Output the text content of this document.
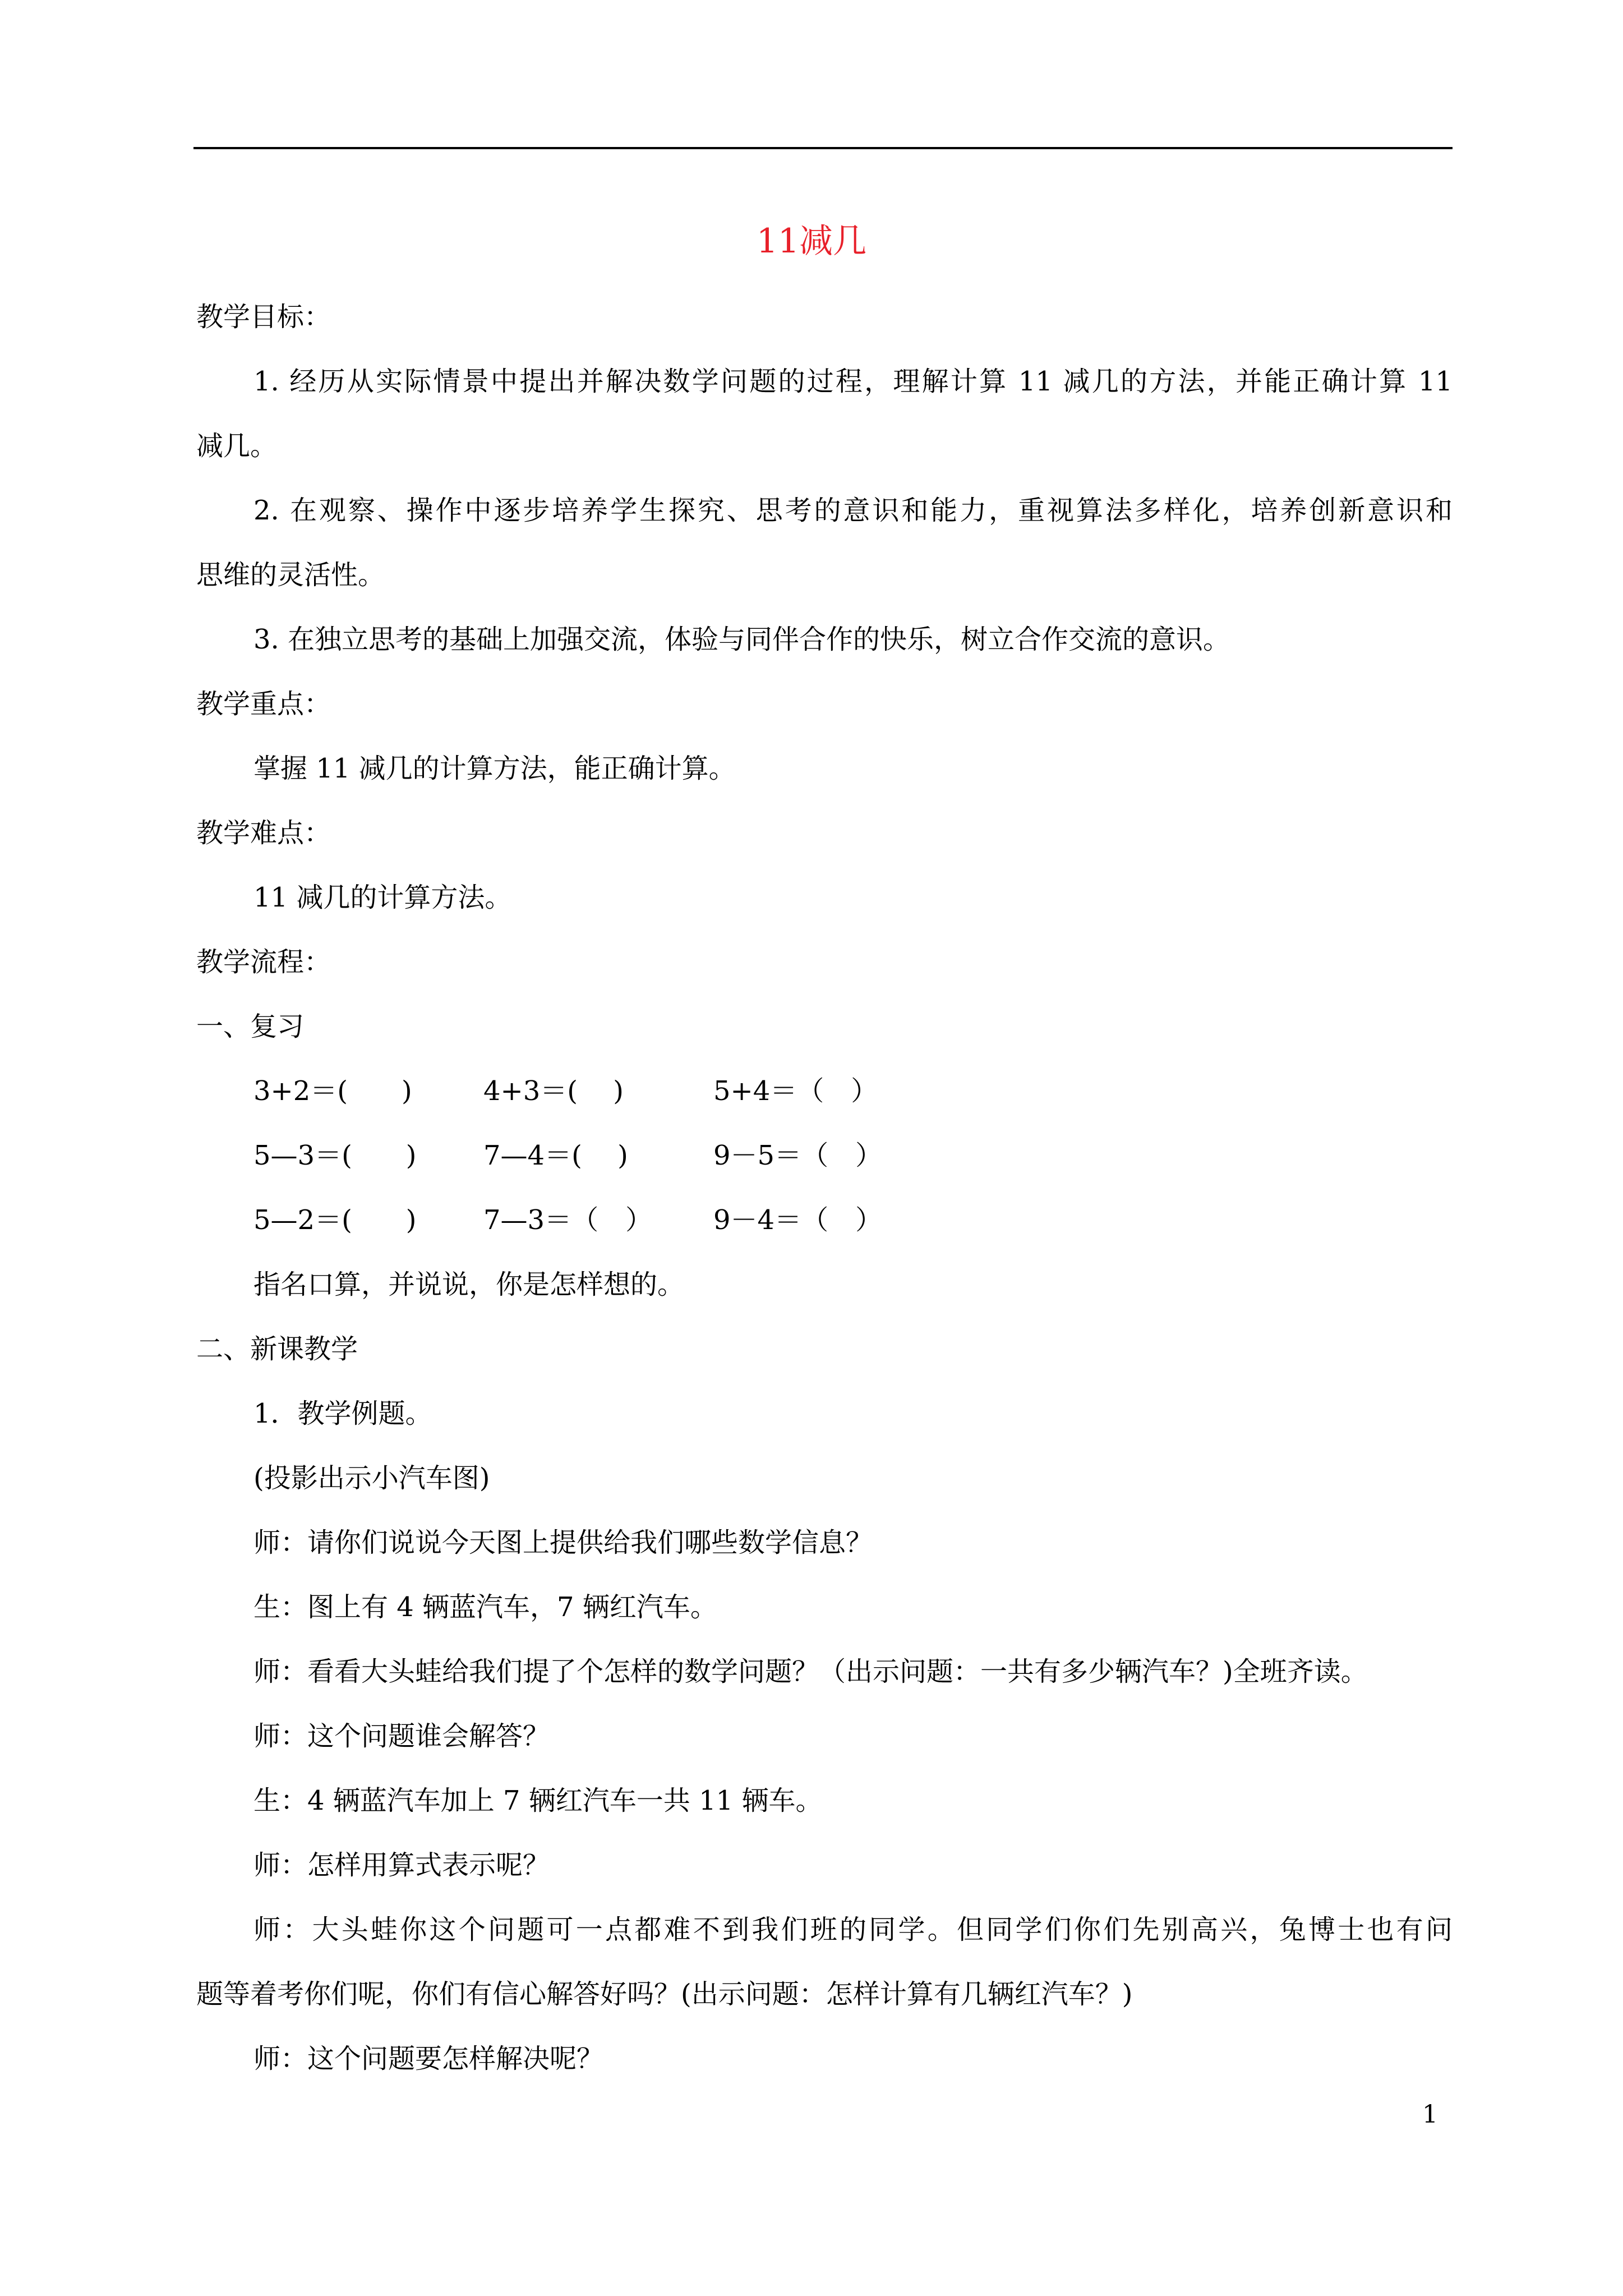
11减几
教学目标：
1. 经历从实际情景中提出并解决数学问题的过程，理解计算 11 减几的方法，并能正确计算 11
减几。
2. 在观察、操作中逐步培养学生探究、思考的意识和能力，重视算法多样化，培养创新意识和
思维的灵活性。
3. 在独立思考的基础上加强交流，体验与同伴合作的快乐，树立合作交流的意识。
教学重点：
掌握 11 减几的计算方法，能正确计算。
教学难点：
11 减几的计算方法。
教学流程：
一、复习
3+2＝(　　)	4+3＝(　 )	5+4＝（　）
5—3＝(　　) 7—4＝(　 )	9－5＝（　）
5—2＝(　　) 7—3＝（　） 9－4＝（　）
指名口算，并说说，你是怎样想的。
二、新课教学
1．教学例题。
(投影出示小汽车图)
师：请你们说说今天图上提供给我们哪些数学信息？
生：图上有 4 辆蓝汽车，7 辆红汽车。
师：看看大头蛙给我们提了个怎样的数学问题？（出示问题：一共有多少辆汽车？)全班齐读。
师：这个问题谁会解答？
生：4 辆蓝汽车加上 7 辆红汽车一共 11 辆车。
师：怎样用算式表示呢？
师：大头蛙你这个问题可一点都难不到我们班的同学。但同学们你们先别高兴，兔博士也有问
题等着考你们呢，你们有信心解答好吗？(出示问题：怎样计算有几辆红汽车？)
师：这个问题要怎样解决呢？
1
